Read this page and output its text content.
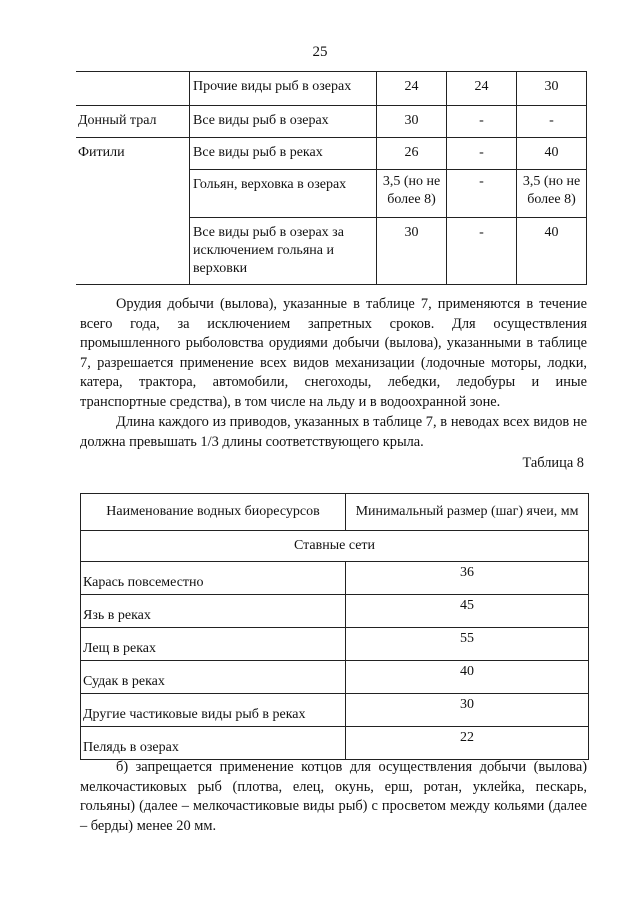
25
	Прочие виды рыб в озерах	24	24	30
Донный трал	Все виды рыб в озерах	30	-	-
Фитили	Все виды рыб в реках	26	-	40
	Гольян, верховка в озерах	3,5 (но не более 8)	-	3,5 (но не более 8)
	Все виды рыб в озерах за исключением гольяна и верховки	30	-	40

Орудия добычи (вылова), указанные в таблице 7, применяются в течение всего года, за исключением запретных сроков. Для осуществления промышленного рыболовства орудиями добычи (вылова), указанными в таблице 7, разрешается применение всех видов механизации (лодочные моторы, лодки, катера, трактора, автомобили, снегоходы, лебедки, ледобуры и иные транспортные средства), в том числе на льду и в водоохранной зоне.

Длина каждого из приводов, указанных в таблице 7, в неводах всех видов не должна превышать 1/3 длины соответствующего крыла.

Таблица 8
Наименование водных биоресурсов	Минимальный размер (шаг) ячеи, мм
Ставные сети	
Карась повсеместно	36
Язь в реках	45
Лещ в реках	55
Судак в реках	40
Другие частиковые виды рыб в реках	30
Пелядь в озерах	22

б) запрещается применение котцов для осуществления добычи (вылова) мелкочастиковых рыб (плотва, елец, окунь, ерш, ротан, уклейка, пескарь, гольяны) (далее – мелкочастиковые виды рыб) с просветом между кольями (далее – берды) менее 20 мм.
